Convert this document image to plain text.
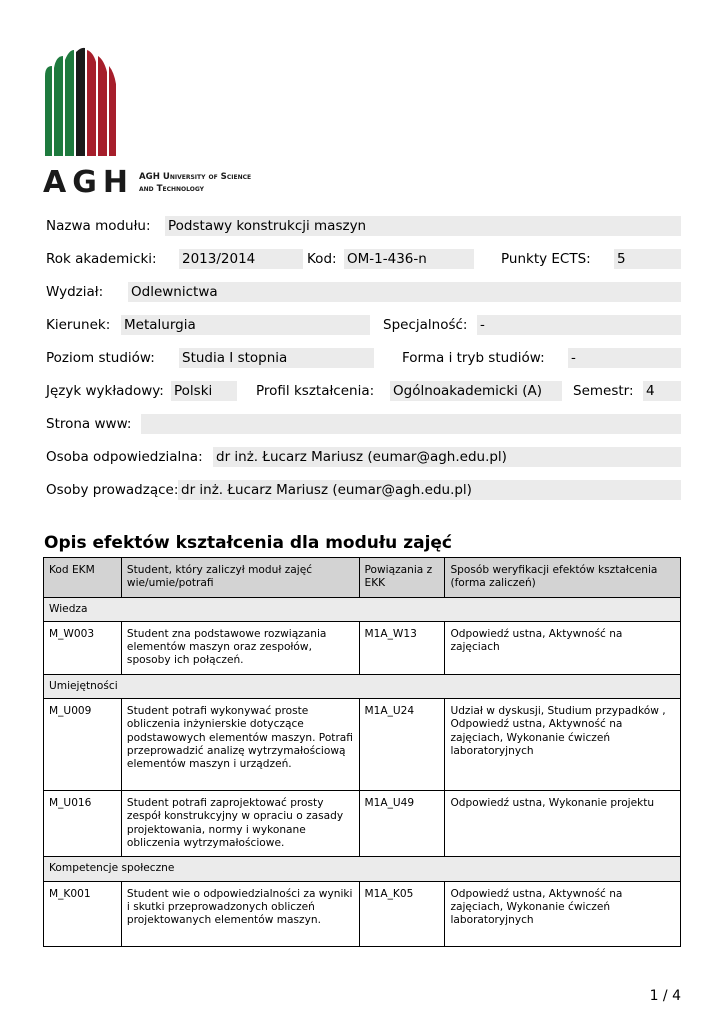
AGH AGH University of Science
and Technology
Nazwa modułu: Podstawy konstrukcji maszyn
Rok akademicki: 2013/2014	Kod: OM-1-436-n	Punkty ECTS: 5
Wydział: Odlewnictwa
Kierunek: Metalurgia	Specjalność: -
Poziom studiów: Studia I stopnia	Forma i tryb studiów: -
Język wykładowy: Polski	Profil kształcenia: Ogólnoakademicki (A)	Semestr: 4
Strona www:
Osoba odpowiedzialna: dr inż. Łucarz Mariusz (eumar@agh.edu.pl)
Osoby prowadzące: dr inż. Łucarz Mariusz (eumar@agh.edu.pl)
Opis efektów kształcenia dla modułu zajęć
Kod EKM	Student, który zaliczył moduł zajęć wie/umie/potrafi	Powiązania z EKK	Sposób weryfikacji efektów kształcenia (forma zaliczeń)
Wiedza			
M_W003	Student zna podstawowe rozwiązania elementów maszyn oraz zespołów, sposoby ich połączeń.	M1A_W13	Odpowiedź ustna, Aktywność na zajęciach
Umiejętności			
M_U009	Student potrafi wykonywać proste obliczenia inżynierskie dotyczące podstawowych elementów maszyn. Potrafi przeprowadzić analizę wytrzymałościową elementów maszyn i urządzeń.	M1A_U24	Udział w dyskusji, Studium przypadków , Odpowiedź ustna, Aktywność na zajęciach, Wykonanie ćwiczeń laboratoryjnych
M_U016	Student potrafi zaprojektować prosty zespół konstrukcyjny w opraciu o zasady projektowania, normy i wykonane obliczenia wytrzymałościowe.	M1A_U49	Odpowiedź ustna, Wykonanie projektu
Kompetencje społeczne			
M_K001	Student wie o odpowiedzialności za wyniki i skutki przeprowadzonych obliczeń projektowanych elementów maszyn.	M1A_K05	Odpowiedź ustna, Aktywność na zajęciach, Wykonanie ćwiczeń laboratoryjnych
1 / 4
